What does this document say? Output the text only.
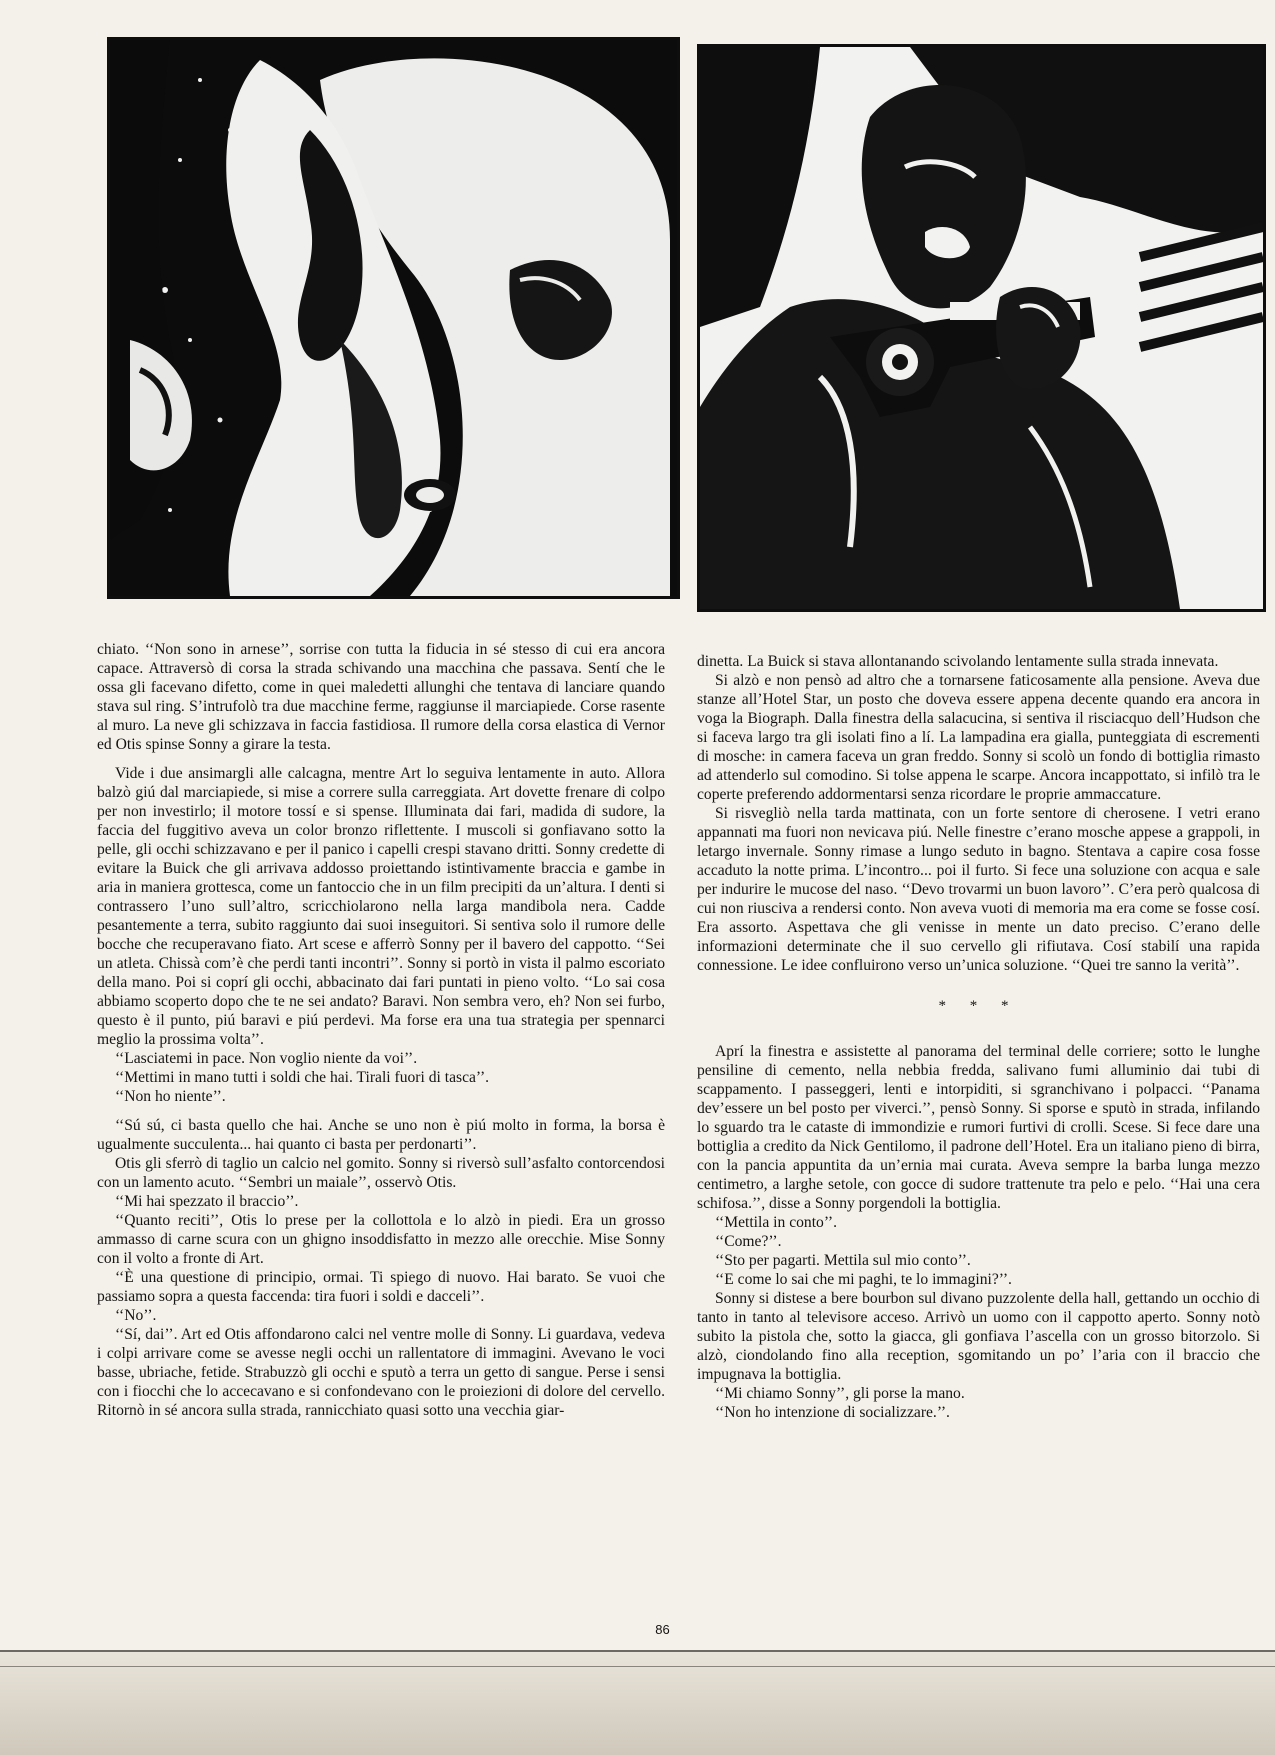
chiato. ‘‘Non sono in arnese’’, sorrise con tutta la fiducia in sé stesso di cui era ancora capace. Attraversò di corsa la strada schivando una macchina che passava. Sentí che le ossa gli facevano difetto, come in quei maledetti allunghi che tentava di lanciare quando stava sul ring. S’intrufolò tra due macchine ferme, raggiunse il marciapiede. Corse rasente al muro. La neve gli schizzava in faccia fastidiosa. Il rumore della corsa elastica di Vernor ed Otis spinse Sonny a girare la testa.

Vide i due ansimargli alle calcagna, mentre Art lo seguiva lentamente in auto. Allora balzò giú dal marciapiede, si mise a correre sulla carreggiata. Art dovette frenare di colpo per non investirlo; il motore tossí e si spense. Illuminata dai fari, madida di sudore, la faccia del fuggitivo aveva un color bronzo riflettente. I muscoli si gonfiavano sotto la pelle, gli occhi schizzavano e per il panico i capelli crespi stavano dritti. Sonny credette di evitare la Buick che gli arrivava addosso proiettando istintivamente braccia e gambe in aria in maniera grottesca, come un fantoccio che in un film precipiti da un’altura. I denti si contrassero l’uno sull’altro, scricchiolarono nella larga mandibola nera. Cadde pesantemente a terra, subito raggiunto dai suoi inseguitori. Si sentiva solo il rumore delle bocche che recuperavano fiato. Art scese e afferrò Sonny per il bavero del cappotto. ‘‘Sei un atleta. Chissà com’è che perdi tanti incontri’’. Sonny si portò in vista il palmo escoriato della mano. Poi si coprí gli occhi, abbacinato dai fari puntati in pieno volto. ‘‘Lo sai cosa abbiamo scoperto dopo che te ne sei andato? Baravi. Non sembra vero, eh? Non sei furbo, questo è il punto, piú baravi e piú perdevi. Ma forse era una tua strategia per spennarci meglio la prossima volta’’.

‘‘Lasciatemi in pace. Non voglio niente da voi’’.

‘‘Mettimi in mano tutti i soldi che hai. Tirali fuori di tasca’’.

‘‘Non ho niente’’.

‘‘Sú sú, ci basta quello che hai. Anche se uno non è piú molto in forma, la borsa è ugualmente succulenta... hai quanto ci basta per perdonarti’’.

Otis gli sferrò di taglio un calcio nel gomito. Sonny si riversò sull’asfalto contorcendosi con un lamento acuto. ‘‘Sembri un maiale’’, osservò Otis.

‘‘Mi hai spezzato il braccio’’.

‘‘Quanto reciti’’, Otis lo prese per la collottola e lo alzò in piedi. Era un grosso ammasso di carne scura con un ghigno insoddisfatto in mezzo alle orecchie. Mise Sonny con il volto a fronte di Art.

‘‘È una questione di principio, ormai. Ti spiego di nuovo. Hai barato. Se vuoi che passiamo sopra a questa faccenda: tira fuori i soldi e dacceli’’.

‘‘No’’.

‘‘Sí, dai’’. Art ed Otis affondarono calci nel ventre molle di Sonny. Li guardava, vedeva i colpi arrivare come se avesse negli occhi un rallentatore di immagini. Avevano le voci basse, ubriache, fetide. Strabuzzò gli occhi e sputò a terra un getto di sangue. Perse i sensi con i fiocchi che lo accecavano e si confondevano con le proiezioni di dolore del cervello. Ritornò in sé ancora sulla strada, rannicchiato quasi sotto una vecchia giar-

dinetta. La Buick si stava allontanando scivolando lentamente sulla strada innevata.

Si alzò e non pensò ad altro che a tornarsene faticosamente alla pensione. Aveva due stanze all’Hotel Star, un posto che doveva essere appena decente quando era ancora in voga la Biograph. Dalla finestra della salacucina, si sentiva il risciacquo dell’Hudson che si faceva largo tra gli isolati fino a lí. La lampadina era gialla, punteggiata di escrementi di mosche: in camera faceva un gran freddo. Sonny si scolò un fondo di bottiglia rimasto ad attenderlo sul comodino. Si tolse appena le scarpe. Ancora incappottato, si infilò tra le coperte preferendo addormentarsi senza ricordare le proprie ammaccature.

Si risvegliò nella tarda mattinata, con un forte sentore di cherosene. I vetri erano appannati ma fuori non nevicava piú. Nelle finestre c’erano mosche appese a grappoli, in letargo invernale. Sonny rimase a lungo seduto in bagno. Stentava a capire cosa fosse accaduto la notte prima. L’incontro... poi il furto. Si fece una soluzione con acqua e sale per indurire le mucose del naso. ‘‘Devo trovarmi un buon lavoro’’. C’era però qualcosa di cui non riusciva a rendersi conto. Non aveva vuoti di memoria ma era come se fosse cosí. Era assorto. Aspettava che gli venisse in mente un dato preciso. C’erano delle informazioni determinate che il suo cervello gli rifiutava. Cosí stabilí una rapida connessione. Le idee confluirono verso un’unica soluzione. ‘‘Quei tre sanno la verità’’.

* * *

Aprí la finestra e assistette al panorama del terminal delle corriere; sotto le lunghe pensiline di cemento, nella nebbia fredda, salivano fumi alluminio dai tubi di scappamento. I passeggeri, lenti e intorpiditi, si sgranchivano i polpacci. ‘‘Panama dev’essere un bel posto per viverci.’’, pensò Sonny. Si sporse e sputò in strada, infilando lo sguardo tra le cataste di immondizie e rumori furtivi di crolli. Scese. Si fece dare una bottiglia a credito da Nick Gentilomo, il padrone dell’Hotel. Era un italiano pieno di birra, con la pancia appuntita da un’ernia mai curata. Aveva sempre la barba lunga mezzo centimetro, a larghe setole, con gocce di sudore trattenute tra pelo e pelo. ‘‘Hai una cera schifosa.’’, disse a Sonny porgendoli la bottiglia.

‘‘Mettila in conto’’.

‘‘Come?’’.

‘‘Sto per pagarti. Mettila sul mio conto’’.

‘‘E come lo sai che mi paghi, te lo immagini?’’.

Sonny si distese a bere bourbon sul divano puzzolente della hall, gettando un occhio di tanto in tanto al televisore acceso. Arrivò un uomo con il cappotto aperto. Sonny notò subito la pistola che, sotto la giacca, gli gonfiava l’ascella con un grosso bitorzolo. Si alzò, ciondolando fino alla reception, sgomitando un po’ l’aria con il braccio che impugnava la bottiglia.

‘‘Mi chiamo Sonny’’, gli porse la mano.

‘‘Non ho intenzione di socializzare.’’.

86
